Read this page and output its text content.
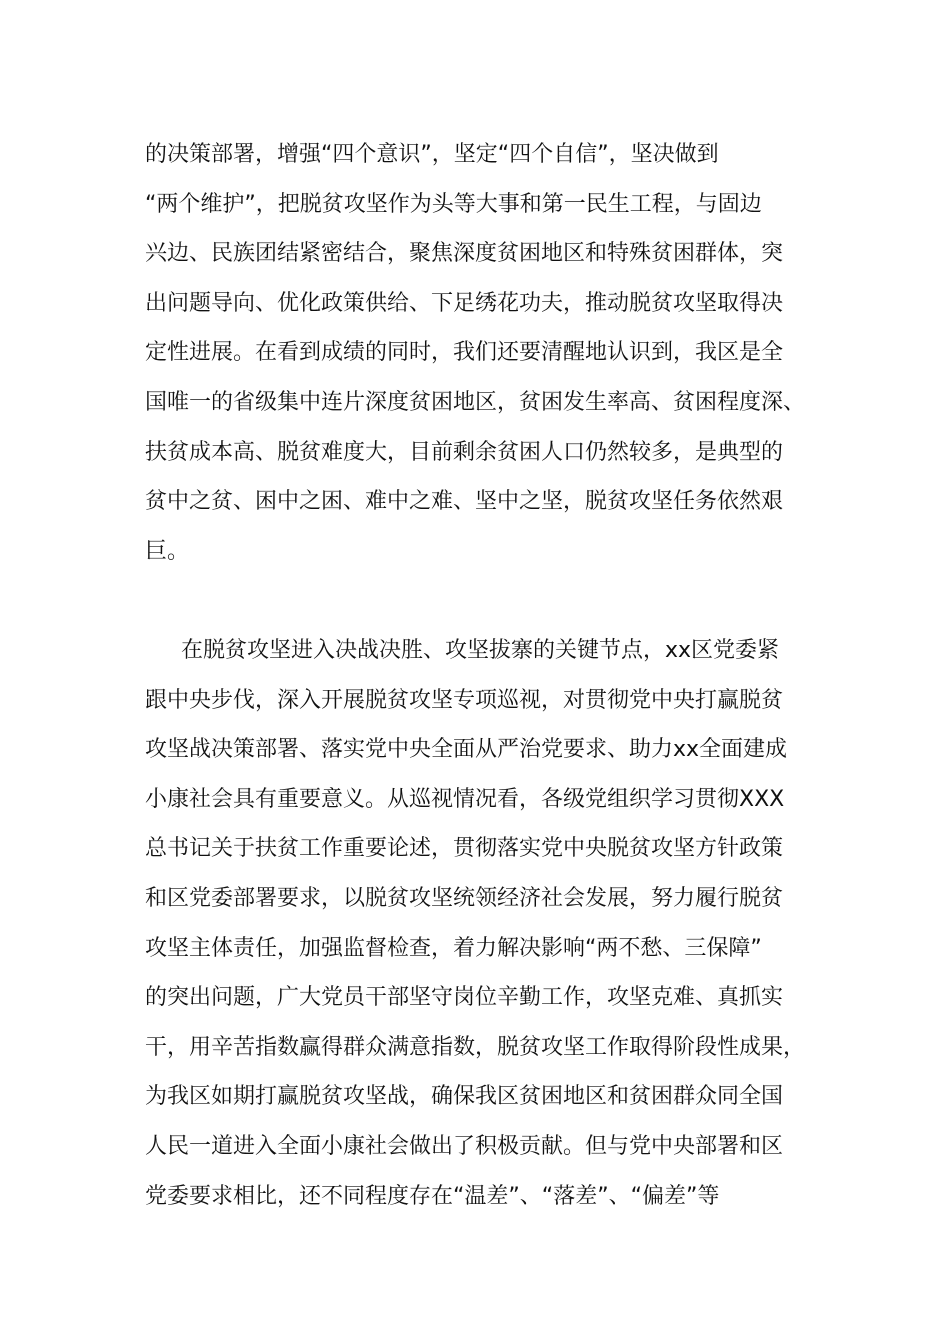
的决策部署，增强“四个意识”，坚定“四个自信”，坚决做到
“两个维护”，把脱贫攻坚作为头等大事和第一民生工程，与固边
兴边、民族团结紧密结合，聚焦深度贫困地区和特殊贫困群体，突
出问题导向、优化政策供给、下足绣花功夫，推动脱贫攻坚取得决
定性进展。在看到成绩的同时，我们还要清醒地认识到，我区是全
国唯一的省级集中连片深度贫困地区，贫困发生率高、贫困程度深、
扶贫成本高、脱贫难度大，目前剩余贫困人口仍然较多，是典型的
贫中之贫、困中之困、难中之难、坚中之坚，脱贫攻坚任务依然艰
巨。
在脱贫攻坚进入决战决胜、攻坚拔寨的关键节点，xx区党委紧
跟中央步伐，深入开展脱贫攻坚专项巡视，对贯彻党中央打赢脱贫
攻坚战决策部署、落实党中央全面从严治党要求、助力xx全面建成
小康社会具有重要意义。从巡视情况看，各级党组织学习贯彻XXX
总书记关于扶贫工作重要论述，贯彻落实党中央脱贫攻坚方针政策
和区党委部署要求，以脱贫攻坚统领经济社会发展，努力履行脱贫
攻坚主体责任，加强监督检查，着力解决影响“两不愁、三保障”
的突出问题，广大党员干部坚守岗位辛勤工作，攻坚克难、真抓实
干，用辛苦指数赢得群众满意指数，脱贫攻坚工作取得阶段性成果，
为我区如期打赢脱贫攻坚战，确保我区贫困地区和贫困群众同全国
人民一道进入全面小康社会做出了积极贡献。但与党中央部署和区
党委要求相比，还不同程度存在“温差”、“落差”、“偏差”等
